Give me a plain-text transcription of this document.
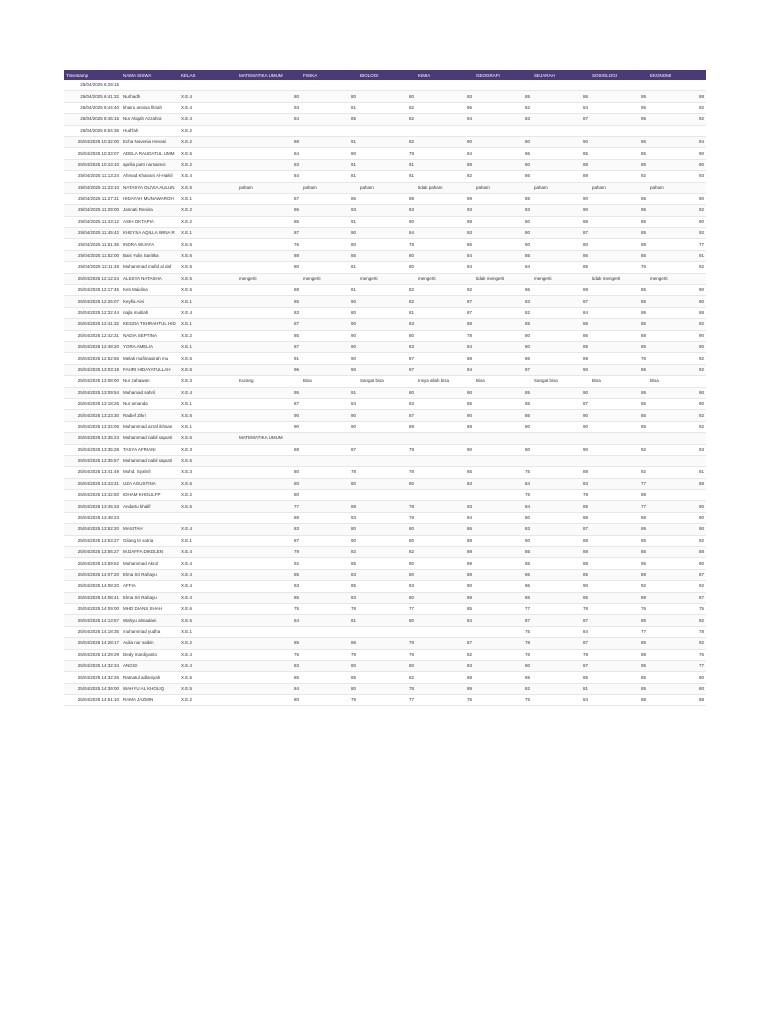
Timestamp	NAMA SISWA	KELAS	MATEMATIKA UMUM	FISIKA	BIOLOGI	KIMIA	GEOGRAFI	SEJARAH	SOSIOLOGI	EKONOMI
25/04/2025 6:29:15										
25/04/2025 6:41:32	Nurhadh	X.E.4	80	80	80	93	85	86	95	88
25/04/2025 8:44:40	khairu annisa fitriah	X.E.4	93	81	82	96	82	84	95	92
25/04/2025 8:45:15	Nur Atiqah Azzahra	X.E.4	84	85	82	94	83	87	95	92
25/04/2025 8:54:36	Hud'fah	X.E.2								
25/04/2025 10:32:00	Echa Novenia Hevani	X.E.2	88	91	82	90	80	90	95	94
25/04/2025 10:33:07	ADELA RAUDATUL UMM	X.E.5	84	80	79	84	86	85	85	90
25/04/2025 10:43:10	aprilia putri nursaimsi	X.E.2	83	91	81	88	80	88	85	90
25/04/2025 11:13:24	Ahmad Khairani Al-Haikil	X.E.4	84	81	81	82	86	89	92	93
25/04/2025 11:23:10	NATASYA OLIVIA AULUN	X.E.5	paham	paham	paham	tidak paham	paham	paham	paham	paham
25/04/2025 11:27:31	HIDAYAH MUNAWAROH	X.E.1	87	86	88	89	85	90	85	90
25/04/2025 11:29:00	Jannati Renisa	X.E.2	86	93	83	93	83	90	95	92
25/04/2025 11:43:12	ASIH OKTAPIA	X.E.2	85	91	80	88	80	88	85	90
25/04/2025 11:45:42	KHEYSA AQILLA WINA R	X.E.1	87	90	84	93	80	87	85	92
25/04/2025 11:51:36	INDRA WIJAYA	X.E.6	76	80	78	86	80	80	88	77
25/04/2025 11:52:00	Bais Yulis Saritika	X.E.6	88	85	80	84	85	86	85	91
25/04/2025 12:11:48	Muhammad mafid al daf	X.E.6	80	81	80	84	84	85	76	92
25/04/2025 12:12:24	ALSSYA NATASHA	X.E.5	mengerti	mengerti	mengerti	mengerti	tidak mengerti	mengerti	tidak mengerti	mengerti
25/04/2025 12:17:45	Keti Maidina	X.E.5	88	81	82	92	86	88	85	90
25/04/2025 12:26:07	Keyfia Aini	X.E.1	85	90	82	87	83	87	85	90
25/04/2025 12:32:44	najla mutilah	X.E.4	83	80	81	87	82	84	95	88
25/04/2025 12:41:32	KESZIA TSHRAHTUL HID	X.E.1	87	90	83	88	85	86	85	92
25/04/2025 12:42:31	NADIA SEPTINA	X.E.2	85	90	80	78	80	86	88	90
25/04/2025 12:48:20	YORA AMELIA	X.E.1	87	90	83	84	80	85	85	90
25/04/2025 12:52:56	Melati mafimasirah mu	X.E.6	91	90	87	88	86	89	76	92
25/04/2025 13:03:19	FAHRI HIDAYATULLAH	X.E.6	96	90	87	94	87	90	85	92
25/04/2025 13:08:00	Nur zahawan	X.E.3	Kurang	Bisa	Sangat bisa	Insya allah bisa	Bisa	Sangat bisa	Bisa	Bisa
25/04/2025 13:09:54	Muhamad sahril	X.E.4	95	91	80	90	85	90	95	90
25/04/2025 13:18:26	Nur amanda	X.E.1	87	84	83	85	85	87	85	90
25/04/2025 13:23:30	Radief Zikri	X.E.6	90	90	87	90	86	90	85	92
25/04/2025 13:34:06	Muhammad azraf ikhsan	X.E.1	90	90	88	88	80	90	85	92
25/04/2025 13:35:23	Muhammad nabil saputri	X.E.6	MATEMATIKA UMUM							
25/04/2025 13:35:28	TASYA AFRIANI	X.E.3	88	87	79	90	80	90	92	93
25/04/2025 13:35:57	Muhammad nabil saputri	X.E.6								
25/04/2025 13:41:49	Mohd. Syahril	X.E.3	80	78	78	85	75	88	92	81
25/04/2025 13:43:31	UZA AGUSTINA	X.E.6	80	80	80	83	84	83	77	88
25/04/2025 13:42:50	IDHAM KHOLILFP	X.E.2	80				75	78	88	
25/04/2025 13:45:33	Andartu khalif	X.E.5	77	88	78	93	84	85	77	90
25/04/2025 13:48:23			88	93	78	84	80	88	88	90
25/04/2025 13:52:20	MASITAH	X.E.4	83	80	80	86	83	87	95	90
25/04/2025 13:53:27	Gilang tri sotria	X.E.1	87	90	80	88	80	88	85	92
25/04/2025 13:56:27	M.DAFFA DIKDLEN	X.E.4	79	82	82	89	85	88	85	88
25/04/2025 13:59:52	Muhammad Akrol	X.E.4	92	85	80	89	85	88	95	90
25/04/2025 14:07:20	Elma Sri Rahayu	X.E.4	85	83	80	88	86	85	89	87
25/04/2025 14:08:20	AFFIA	X.E.4	93	85	83	90	86	90	92	92
25/04/2025 14:08:41	Elma Sri Rahayu	X.E.4	85	83	80	88	86	85	89	87
25/04/2025 14:09:00	MHD DIANS SHAH	X.E.6	75	78	77	85	77	78	76	75
25/04/2025 14:13:57	Wahyu almadani	X.E.5	84	81	80	84	87	87	85	92
25/04/2025 14:18:35	muhammad yudha	X.E.1					75	84	77	78
25/04/2025 14:28:17	Aulia nur saikin	X.E.2	85	86	79	87	78	87	85	92
25/04/2025 14:29:29	Dedy mardiyanto	X.E.4	76	79	79	82	76	78	88	76
25/04/2025 14:32:34	ANGGI	X.E.4	83	80	80	83	80	87	95	77
25/04/2025 14:32:26	Ratnatul adlaniyah	X.E.5	85	85	82	88	85	85	85	90
25/04/2025 14:39:00	WAHYU AL KHOLIQ	X.E.5	84	80	78	89	82	81	85	80
25/04/2025 14:51:10	RAMA JAZMIN	X.E.2	80	79	77	76	75	84	88	88
